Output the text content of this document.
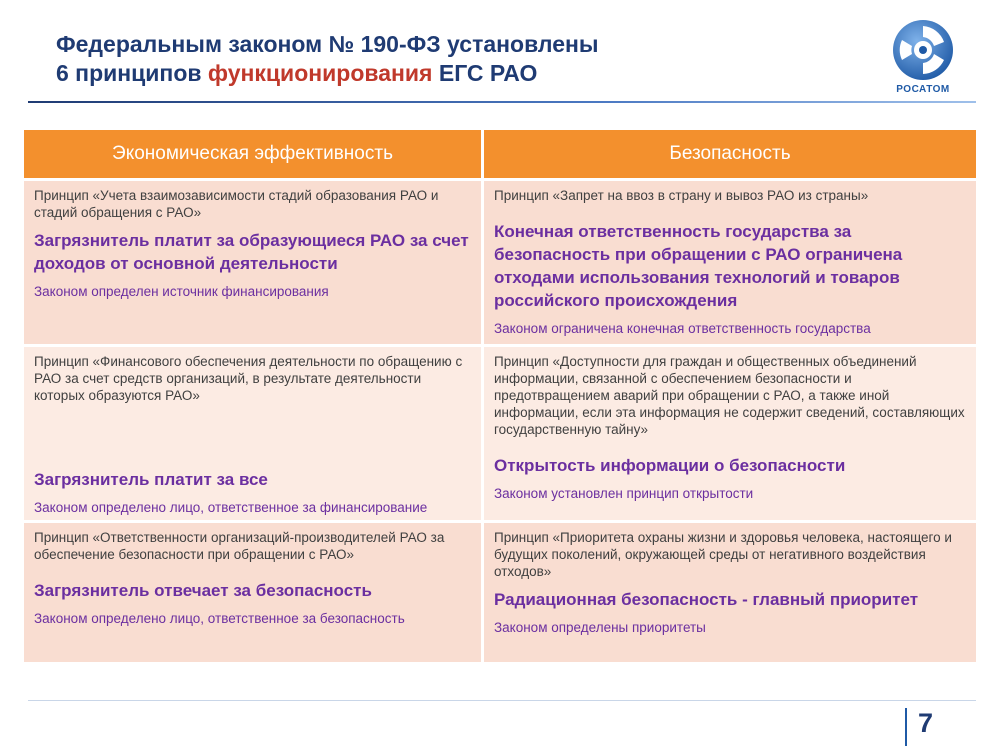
Федеральным законом № 190-ФЗ установлены
6 принципов функционирования ЕГС РАО
РОСАТОМ
Экономическая эффективность	Безопасность
Принцип «Учета взаимозависимости стадий образования РАО и стадий обращения с РАО»
Загрязнитель платит за образующиеся РАО за счет доходов от основной деятельности
Законом определен источник финансирования
Принцип «Запрет на ввоз в страну и вывоз РАО из страны»
Конечная ответственность государства за безопасность при обращении с РАО ограничена отходами использования технологий и товаров российского происхождения
Законом ограничена конечная ответственность государства
Принцип «Финансового обеспечения деятельности по обращению с РАО за счет средств организаций, в результате деятельности которых образуются РАО»
Загрязнитель платит за все
Законом определено лицо, ответственное за финансирование
Принцип «Доступности для граждан и общественных объединений информации, связанной с обеспечением безопасности и предотвращением аварий при обращении с РАО, а также иной информации, если эта информация не содержит сведений, составляющих государственную тайну»
Открытость информации о безопасности
Законом установлен принцип открытости
Принцип «Ответственности организаций-производителей РАО за обеспечение безопасности при обращении с РАО»
Загрязнитель отвечает за безопасность
Законом определено лицо, ответственное за безопасность
Принцип «Приоритета охраны жизни и здоровья человека, настоящего и будущих поколений, окружающей среды от негативного воздействия отходов»
Радиационная безопасность - главный приоритет
Законом определены приоритеты
7
